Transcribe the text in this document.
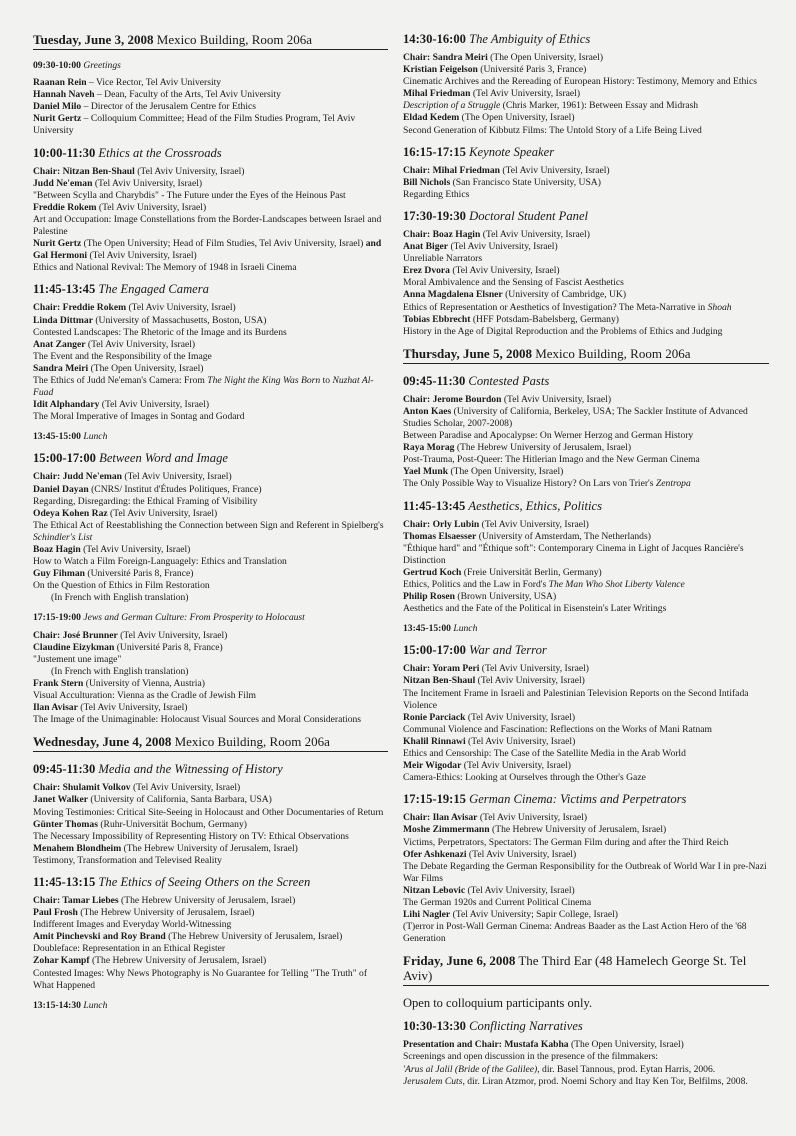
Tuesday, June 3, 2008 Mexico Building, Room 206a

09:30-10:00 Greetings

Raanan Rein – Vice Rector, Tel Aviv University

Hannah Naveh – Dean, Faculty of the Arts, Tel Aviv University

Daniel Milo – Director of the Jerusalem Centre for Ethics

Nurit Gertz – Colloquium Committee; Head of the Film Studies Program, Tel Aviv University

10:00-11:30 Ethics at the Crossroads

Chair: Nitzan Ben-Shaul (Tel Aviv University, Israel)

Judd Ne'eman (Tel Aviv University, Israel)

"Between Scylla and Charybdis" - The Future under the Eyes of the Heinous Past

Freddie Rokem (Tel Aviv University, Israel)

Art and Occupation: Image Constellations from the Border-Landscapes between Israel and Palestine

Nurit Gertz (The Open University; Head of Film Studies, Tel Aviv University, Israel) and Gal Hermoni (Tel Aviv University, Israel)

Ethics and National Revival: The Memory of 1948 in Israeli Cinema

11:45-13:45 The Engaged Camera

Chair: Freddie Rokem (Tel Aviv University, Israel)

Linda Dittmar (University of Massachusetts, Boston, USA)

Contested Landscapes: The Rhetoric of the Image and its Burdens

Anat Zanger (Tel Aviv University, Israel)

The Event and the Responsibility of the Image

Sandra Meiri (The Open University, Israel)

The Ethics of Judd Ne'eman's Camera: From The Night the King Was Born to Nuzhat Al-Fuad

Idit Alphandary (Tel Aviv University, Israel)

The Moral Imperative of Images in Sontag and Godard

13:45-15:00 Lunch

15:00-17:00 Between Word and Image

Chair: Judd Ne'eman (Tel Aviv University, Israel)

Daniel Dayan (CNRS/ Institut d'Études Politiques, France)

Regarding, Disregarding: the Ethical Framing of Visibility

Odeya Kohen Raz (Tel Aviv University, Israel)

The Ethical Act of Reestablishing the Connection between Sign and Referent in Spielberg's Schindler's List

Boaz Hagin (Tel Aviv University, Israel)

How to Watch a Film Foreign-Languagely: Ethics and Translation

Guy Fihman (Université Paris 8, France)

On the Question of Ethics in Film Restoration

(In French with English translation)

17:15-19:00 Jews and German Culture: From Prosperity to Holocaust

Chair: José Brunner (Tel Aviv University, Israel)

Claudine Eizykman (Université Paris 8, France)

"Justement une image"

(In French with English translation)

Frank Stern (University of Vienna, Austria)

Visual Acculturation: Vienna as the Cradle of Jewish Film

Ilan Avisar (Tel Aviv University, Israel)

The Image of the Unimaginable: Holocaust Visual Sources and Moral Considerations

Wednesday, June 4, 2008 Mexico Building, Room 206a

09:45-11:30 Media and the Witnessing of History

Chair: Shulamit Volkov (Tel Aviv University, Israel)

Janet Walker (University of California, Santa Barbara, USA)

Moving Testimonies: Critical Site-Seeing in Holocaust and Other Documentaries of Return

Günter Thomas (Ruhr-Universität Bochum, Germany)

The Necessary Impossibility of Representing History on TV: Ethical Observations

Menahem Blondheim (The Hebrew University of Jerusalem, Israel)

Testimony, Transformation and Televised Reality

11:45-13:15 The Ethics of Seeing Others on the Screen

Chair: Tamar Liebes (The Hebrew University of Jerusalem, Israel)

Paul Frosh (The Hebrew University of Jerusalem, Israel)

Indifferent Images and Everyday World-Witnessing

Amit Pinchevski and Roy Brand (The Hebrew University of Jerusalem, Israel)

Doubleface: Representation in an Ethical Register

Zohar Kampf (The Hebrew University of Jerusalem, Israel)

Contested Images: Why News Photography is No Guarantee for Telling "The Truth" of What Happened

13:15-14:30 Lunch

14:30-16:00 The Ambiguity of Ethics

Chair: Sandra Meiri (The Open University, Israel)

Kristian Feigelson (Université Paris 3, France)

Cinematic Archives and the Rereading of European History: Testimony, Memory and Ethics

Mihal Friedman (Tel Aviv University, Israel)

Description of a Struggle (Chris Marker, 1961): Between Essay and Midrash

Eldad Kedem (The Open University, Israel)

Second Generation of Kibbutz Films: The Untold Story of a Life Being Lived

16:15-17:15 Keynote Speaker

Chair: Mihal Friedman (Tel Aviv University, Israel)

Bill Nichols (San Francisco State University, USA)

Regarding Ethics

17:30-19:30 Doctoral Student Panel

Chair: Boaz Hagin (Tel Aviv University, Israel)

Anat Biger (Tel Aviv University, Israel)

Unreliable Narrators

Erez Dvora (Tel Aviv University, Israel)

Moral Ambivalence and the Sensing of Fascist Aesthetics

Anna Magdalena Elsner (University of Cambridge, UK)

Ethics of Representation or Aesthetics of Investigation? The Meta-Narrative in Shoah

Tobias Ebbrecht (HFF Potsdam-Babelsberg, Germany)

History in the Age of Digital Reproduction and the Problems of Ethics and Judging

Thursday, June 5, 2008 Mexico Building, Room 206a

09:45-11:30 Contested Pasts

Chair: Jerome Bourdon (Tel Aviv University, Israel)

Anton Kaes (University of California, Berkeley, USA; The Sackler Institute of Advanced Studies Scholar, 2007-2008)

Between Paradise and Apocalypse: On Werner Herzog and German History

Raya Morag (The Hebrew University of Jerusalem, Israel)

Post-Trauma, Post-Queer: The Hitlerian Imago and the New German Cinema

Yael Munk (The Open University, Israel)

The Only Possible Way to Visualize History? On Lars von Trier's Zentropa

11:45-13:45 Aesthetics, Ethics, Politics

Chair: Orly Lubin (Tel Aviv University, Israel)

Thomas Elsaesser (University of Amsterdam, The Netherlands)

"Éthique hard" and "Éthique soft": Contemporary Cinema in Light of Jacques Rancière's Distinction

Gertrud Koch (Freie Universität Berlin, Germany)

Ethics, Politics and the Law in Ford's The Man Who Shot Liberty Valence

Philip Rosen (Brown University, USA)

Aesthetics and the Fate of the Political in Eisenstein's Later Writings

13:45-15:00 Lunch

15:00-17:00 War and Terror

Chair: Yoram Peri (Tel Aviv University, Israel)

Nitzan Ben-Shaul (Tel Aviv University, Israel)

The Incitement Frame in Israeli and Palestinian Television Reports on the Second Intifada Violence

Ronie Parciack (Tel Aviv University, Israel)

Communal Violence and Fascination: Reflections on the Works of Mani Ratnam

Khalil Rinnawi (Tel Aviv University, Israel)

Ethics and Censorship: The Case of the Satellite Media in the Arab World

Meir Wigodar (Tel Aviv University, Israel)

Camera-Ethics: Looking at Ourselves through the Other's Gaze

17:15-19:15 German Cinema: Victims and Perpetrators

Chair: Ilan Avisar (Tel Aviv University, Israel)

Moshe Zimmermann (The Hebrew University of Jerusalem, Israel)

Victims, Perpetrators, Spectators: The German Film during and after the Third Reich

Ofer Ashkenazi (Tel Aviv University, Israel)

The Debate Regarding the German Responsibility for the Outbreak of World War I in pre-Nazi War Films

Nitzan Lebovic (Tel Aviv University, Israel)

The German 1920s and Current Political Cinema

Lihi Nagler (Tel Aviv University; Sapir College, Israel)

(T)error in Post-Wall German Cinema: Andreas Baader as the Last Action Hero of the '68 Generation

Friday, June 6, 2008 The Third Ear (48 Hamelech George St. Tel Aviv)

Open to colloquium participants only.

10:30-13:30 Conflicting Narratives

Presentation and Chair: Mustafa Kabha (The Open University, Israel)

Screenings and open discussion in the presence of the filmmakers:

'Arus al Jalil (Bride of the Galilee), dir. Basel Tannous, prod. Eytan Harris, 2006.

Jerusalem Cuts, dir. Liran Atzmor, prod. Noemi Schory and Itay Ken Tor, Belfilms, 2008.
